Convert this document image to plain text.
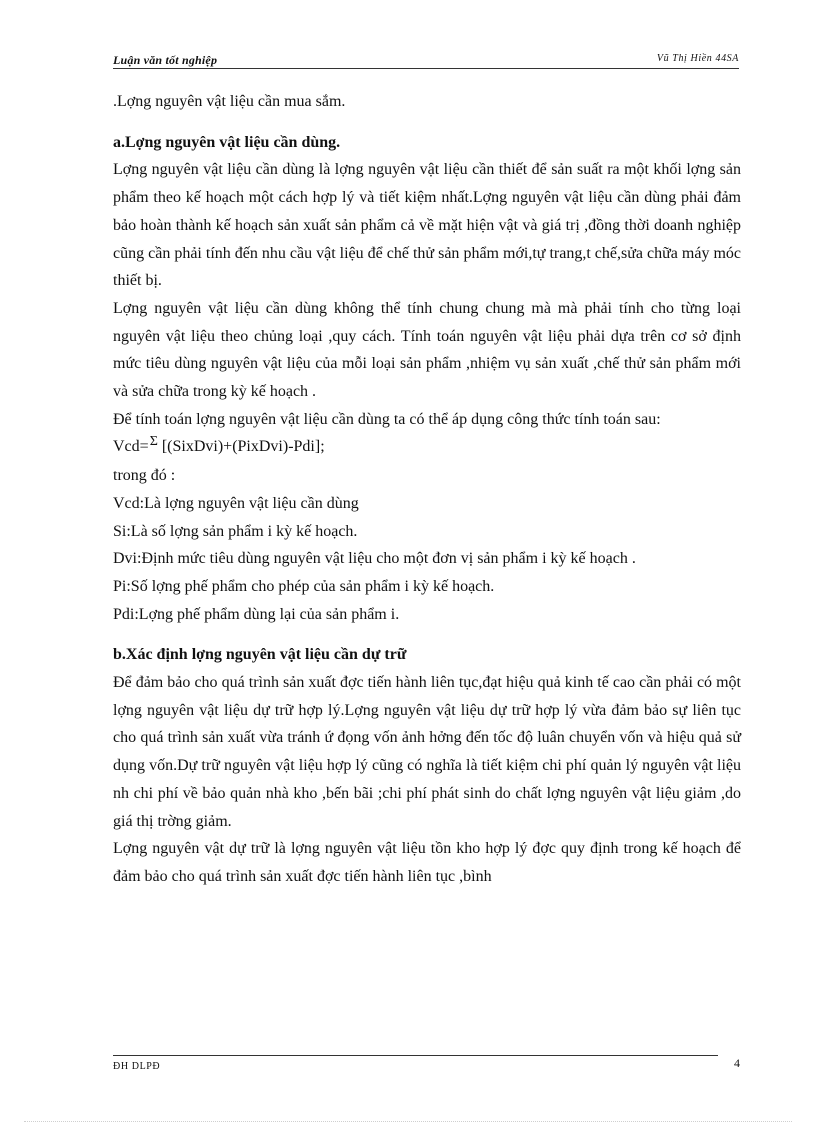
Luận văn tốt nghiệp	Vũ Thị Hiền 44SA

.Lợng nguyên vật liệu cần mua sắm.

a.Lợng nguyên vật liệu cần dùng.

Lợng nguyên vật liệu cần dùng là lợng nguyên vật liệu cần thiết để sản suất ra một khối lợng sản phẩm theo kế hoạch một cách hợp lý và tiết kiệm nhất.Lợng nguyên vật liệu cần dùng phải đảm bảo hoàn thành kế hoạch sản xuất sản phẩm cả về mặt hiện vật và giá trị ,đồng thời doanh nghiệp cũng cần phải tính đến nhu cầu vật liệu để chế thử sản phẩm mới,tự trang,t chế,sửa chữa máy móc thiết bị.

Lợng nguyên vật liệu cần dùng không thể tính chung chung mà mà phải tính cho từng loại nguyên vật liệu theo chủng loại ,quy cách. Tính toán nguyên vật liệu phải dựa trên cơ sở định mức tiêu dùng nguyên vật liệu của mỗi loại sản phẩm ,nhiệm vụ sản xuất ,chế thử sản phẩm mới và sửa chữa trong kỳ kế hoạch .

Để tính toán lợng nguyên vật liệu cần dùng ta có thể áp dụng công thức tính toán sau:

Vcd=Σ [(SixDvi)+(PixDvi)-Pdi];

trong đó :

Vcd:Là lợng nguyên vật liệu cần dùng

Si:Là số lợng sản phẩm i kỳ kế hoạch.

Dvi:Định mức tiêu dùng nguyên vật liệu cho một đơn vị sản phẩm i kỳ kế hoạch .

Pi:Số lợng phế phẩm cho phép của sản phẩm i kỳ kế hoạch.

Pdi:Lợng phế phẩm dùng lại của sản phẩm i.

b.Xác định lợng nguyên vật liệu cần dự trữ

Để đảm bảo cho quá trình sản xuất đợc tiến hành liên tục,đạt hiệu quả kinh tế cao cần phải có một lợng nguyên vật liệu dự trữ hợp lý.Lợng nguyên vật liệu dự trữ hợp lý vừa đảm bảo sự liên tục cho quá trình sản xuất vừa tránh ứ đọng vốn ảnh hởng đến tốc độ luân chuyển vốn và hiệu quả sử dụng vốn.Dự trữ nguyên vật liệu hợp lý cũng có nghĩa là tiết kiệm chi phí quản lý nguyên vật liệu nh chi phí về bảo quản nhà kho ,bến bãi ;chi phí phát sinh do chất lợng nguyên vật liệu giảm ,do giá thị trờng giảm.

Lợng nguyên vật dự trữ là lợng nguyên vật liệu tồn kho hợp lý đợc quy định trong kế hoạch để đảm bảo cho quá trình sản xuất đợc tiến hành liên tục ,bình

ĐH DLPĐ	4
